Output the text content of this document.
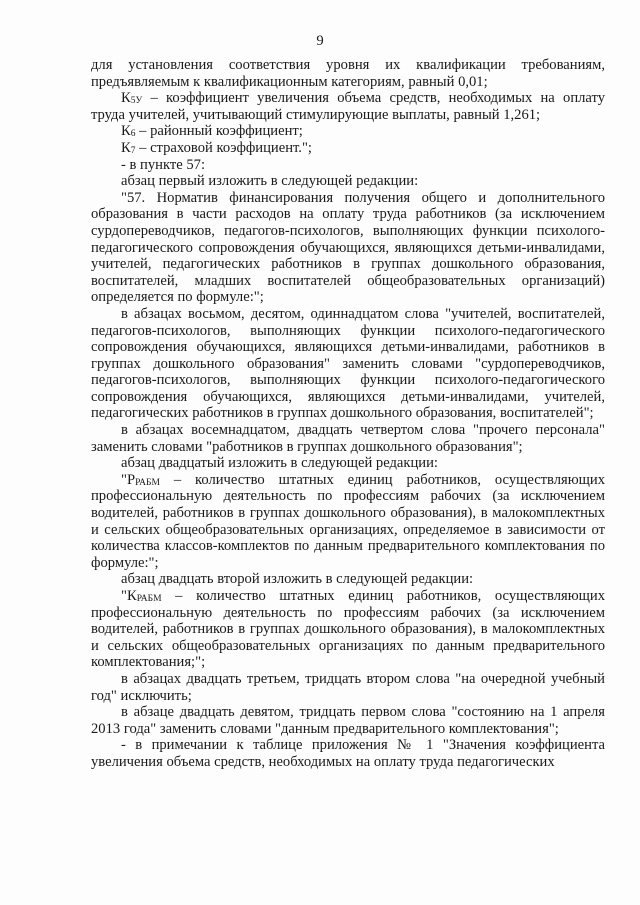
9

для установления соответствия уровня их квалификации требованиям, предъявляемым к квалификационным категориям, равный 0,01;

$К_{5У}$ – коэффициент увеличения объема средств, необходимых на оплату труда учителей, учитывающий стимулирующие выплаты, равный 1,261;

$К_6$ – районный коэффициент;

$К_7$ – страховой коэффициент.";

- в пункте 57:

абзац первый изложить в следующей редакции:

"57. Норматив финансирования получения общего и дополнительного образования в части расходов на оплату труда работников (за исключением сурдопереводчиков, педагогов-психологов, выполняющих функции психолого-педагогического сопровождения обучающихся, являющихся детьми-инвалидами, учителей, педагогических работников в группах дошкольного образования, воспитателей, младших воспитателей общеобразовательных организаций) определяется по формуле:";

в абзацах восьмом, десятом, одиннадцатом слова "учителей, воспитателей, педагогов-психологов, выполняющих функции психолого-педагогического сопровождения обучающихся, являющихся детьми-инвалидами, работников в группах дошкольного образования" заменить словами "сурдопереводчиков, педагогов-психологов, выполняющих функции психолого-педагогического сопровождения обучающихся, являющихся детьми-инвалидами, учителей, педагогических работников в группах дошкольного образования, воспитателей";

в абзацах восемнадцатом, двадцать четвертом слова "прочего персонала" заменить словами "работников в группах дошкольного образования";

абзац двадцатый изложить в следующей редакции:

"$Р_{РАБМ}$ – количество штатных единиц работников, осуществляющих профессиональную деятельность по профессиям рабочих (за исключением водителей, работников в группах дошкольного образования), в малокомплектных и сельских общеобразовательных организациях, определяемое в зависимости от количества классов-комплектов по данным предварительного комплектования по формуле:";

абзац двадцать второй изложить в следующей редакции:

"$К_{РАБМ}$ – количество штатных единиц работников, осуществляющих профессиональную деятельность по профессиям рабочих (за исключением водителей, работников в группах дошкольного образования), в малокомплектных и сельских общеобразовательных организациях по данным предварительного комплектования;";

в абзацах двадцать третьем, тридцать втором слова "на очередной учебный год" исключить;

в абзаце двадцать девятом, тридцать первом слова "состоянию на 1 апреля 2013 года" заменить словами "данным предварительного комплектования";

- в примечании к таблице приложения № 1 "Значения коэффициента увеличения объема средств, необходимых на оплату труда педагогических
